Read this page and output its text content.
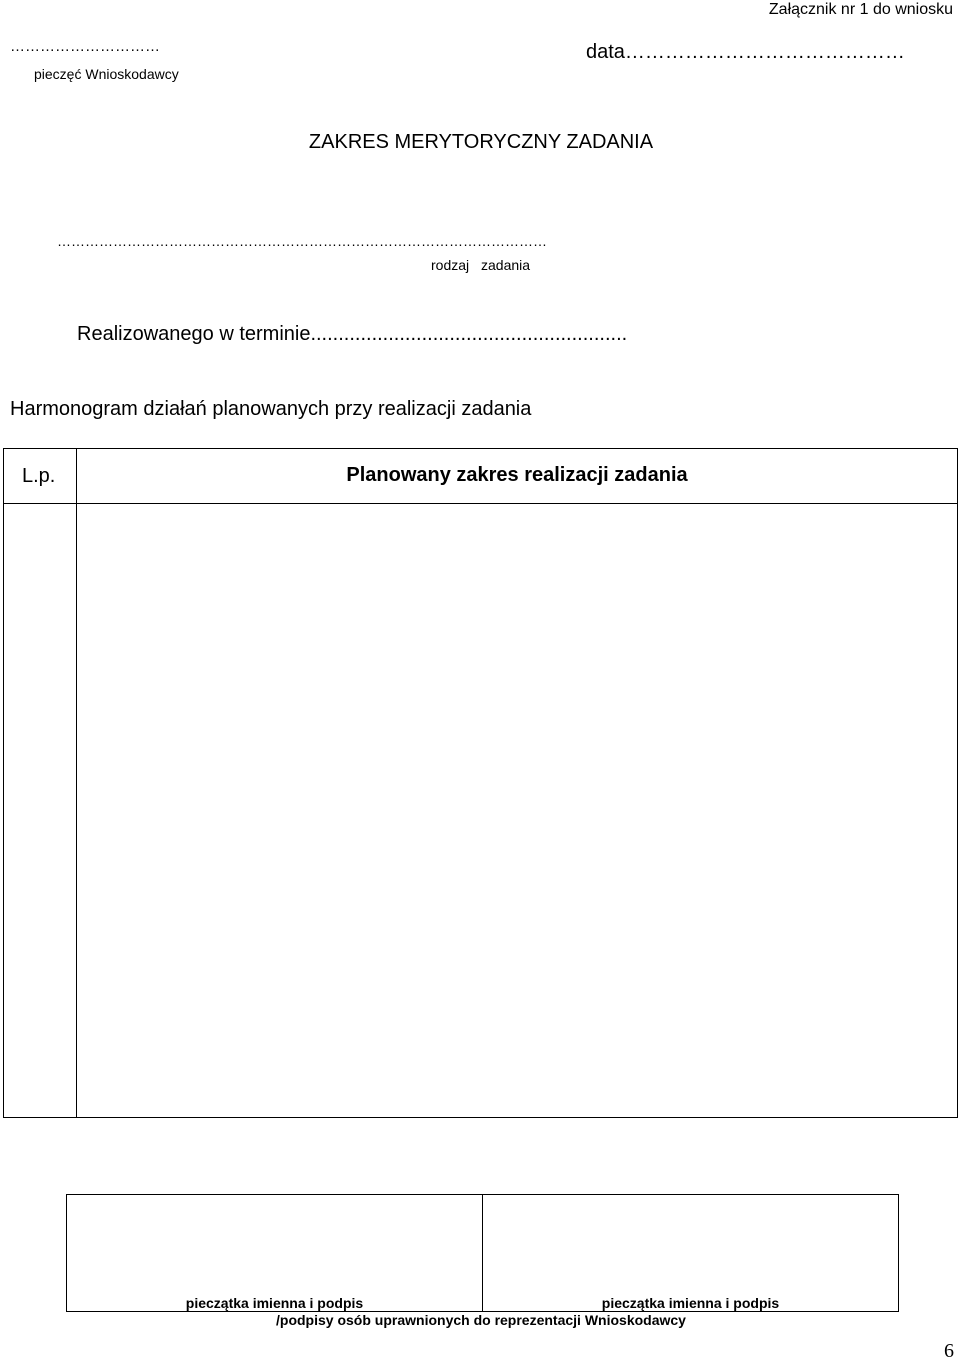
Załącznik nr 1 do wniosku
…………………………
pieczęć Wnioskodawcy
data……………………………………
ZAKRES MERYTORYCZNY ZADANIA
……………………………………………………………………………………………
rodzaj zadania
Realizowanego w terminie.........................................................
Harmonogram działań planowanych przy realizacji zadania
L.p.	Planowany zakres realizacji zadania
pieczątka imienna i podpis	pieczątka imienna i podpis
/podpisy osób uprawnionych do reprezentacji Wnioskodawcy
6
